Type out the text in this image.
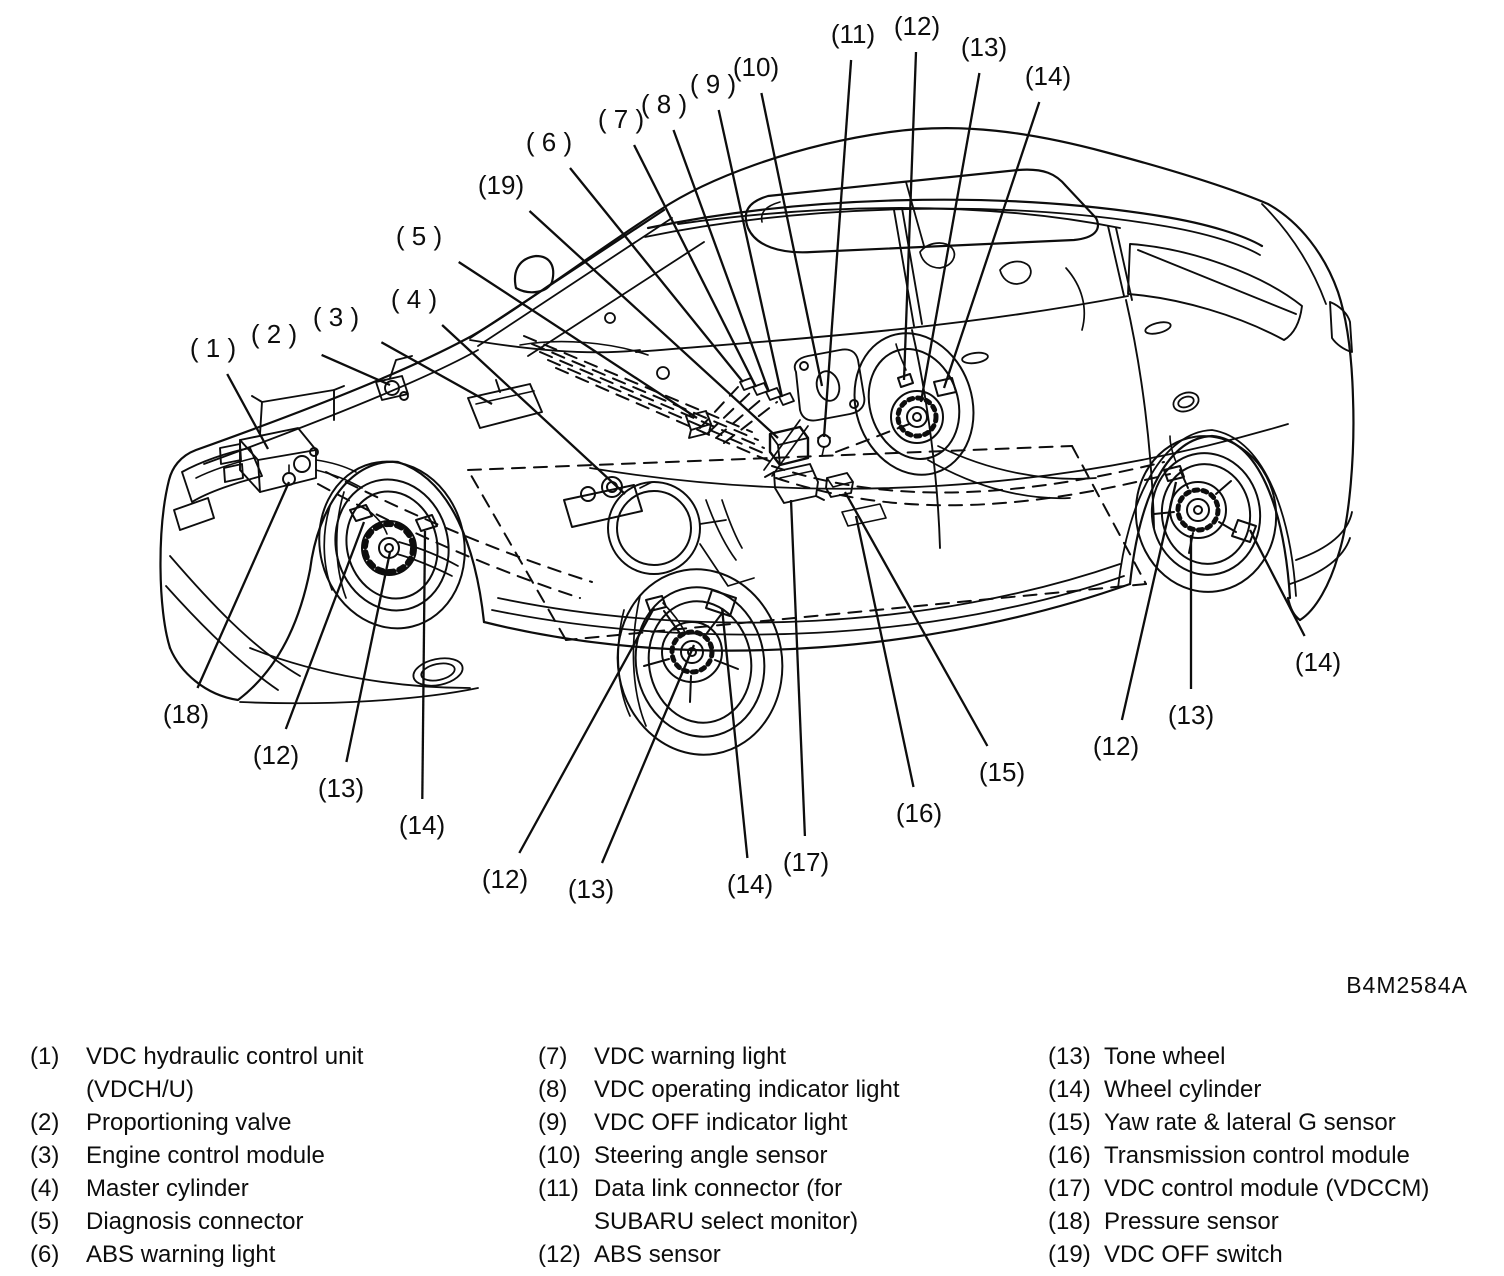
( 1 ) ( 2 )
( 3 )
( 4 )
( 5 )
(19)
( 6 )
( 7 )
( 8 )
( 9 )
(10)
(11) (12)
(13)
(14)
(18)
(12)
(13)
(14)
(12) (13)	(14)
(17)
(16)
(15)
(12)
(13)
(14)
B4M2584A
(1)	VDC hydraulic control unit
(VDCH/U)
(2)	Proportioning valve
(3)	Engine control module
(4)	Master cylinder
(5)	Diagnosis connector
(6)	ABS warning light
(7)	VDC warning light
(8)	VDC operating indicator light
(9)	VDC OFF indicator light
(10) Steering angle sensor
(11) Data link connector (for
SUBARU select monitor)
(12) ABS sensor
(13) Tone wheel
(14) Wheel cylinder
(15) Yaw rate & lateral G sensor
(16) Transmission control module
(17) VDC control module (VDCCM)
(18) Pressure sensor
(19) VDC OFF switch
